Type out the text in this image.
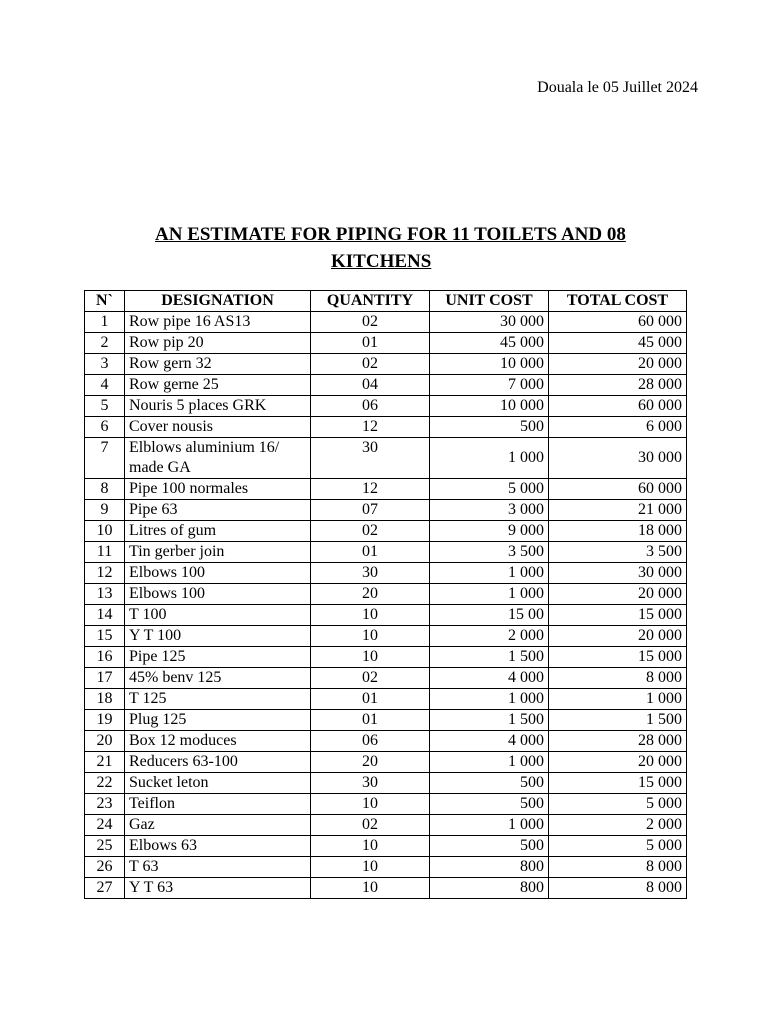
Douala le 05 Juillet 2024
AN ESTIMATE FOR PIPING FOR 11 TOILETS AND 08
KITCHENS
N`	DESIGNATION	QUANTITY	UNIT COST	TOTAL COST
1	Row pipe 16 AS13	02	30 000	60 000
2	Row pip 20	01	45 000	45 000
3	Row gern 32	02	10 000	20 000
4	Row gerne 25	04	7 000	28 000
5	Nouris 5 places GRK	06	10 000	60 000
6	Cover nousis	12	500	6 000
7	Elblows aluminium 16/ made GA	30	1 000	30 000
8	Pipe 100 normales	12	5 000	60 000
9	Pipe 63	07	3 000	21 000
10	Litres of gum	02	9 000	18 000
11	Tin gerber join	01	3 500	3 500
12	Elbows 100	30	1 000	30 000
13	Elbows 100	20	1 000	20 000
14	T 100	10	15 00	15 000
15	Y T 100	10	2 000	20 000
16	Pipe 125	10	1 500	15 000
17	45% benv 125	02	4 000	8 000
18	T 125	01	1 000	1 000
19	Plug 125	01	1 500	1 500
20	Box 12 moduces	06	4 000	28 000
21	Reducers 63-100	20	1 000	20 000
22	Sucket leton	30	500	15 000
23	Teiflon	10	500	5 000
24	Gaz	02	1 000	2 000
25	Elbows 63	10	500	5 000
26	T 63	10	800	8 000
27	Y T 63	10	800	8 000
